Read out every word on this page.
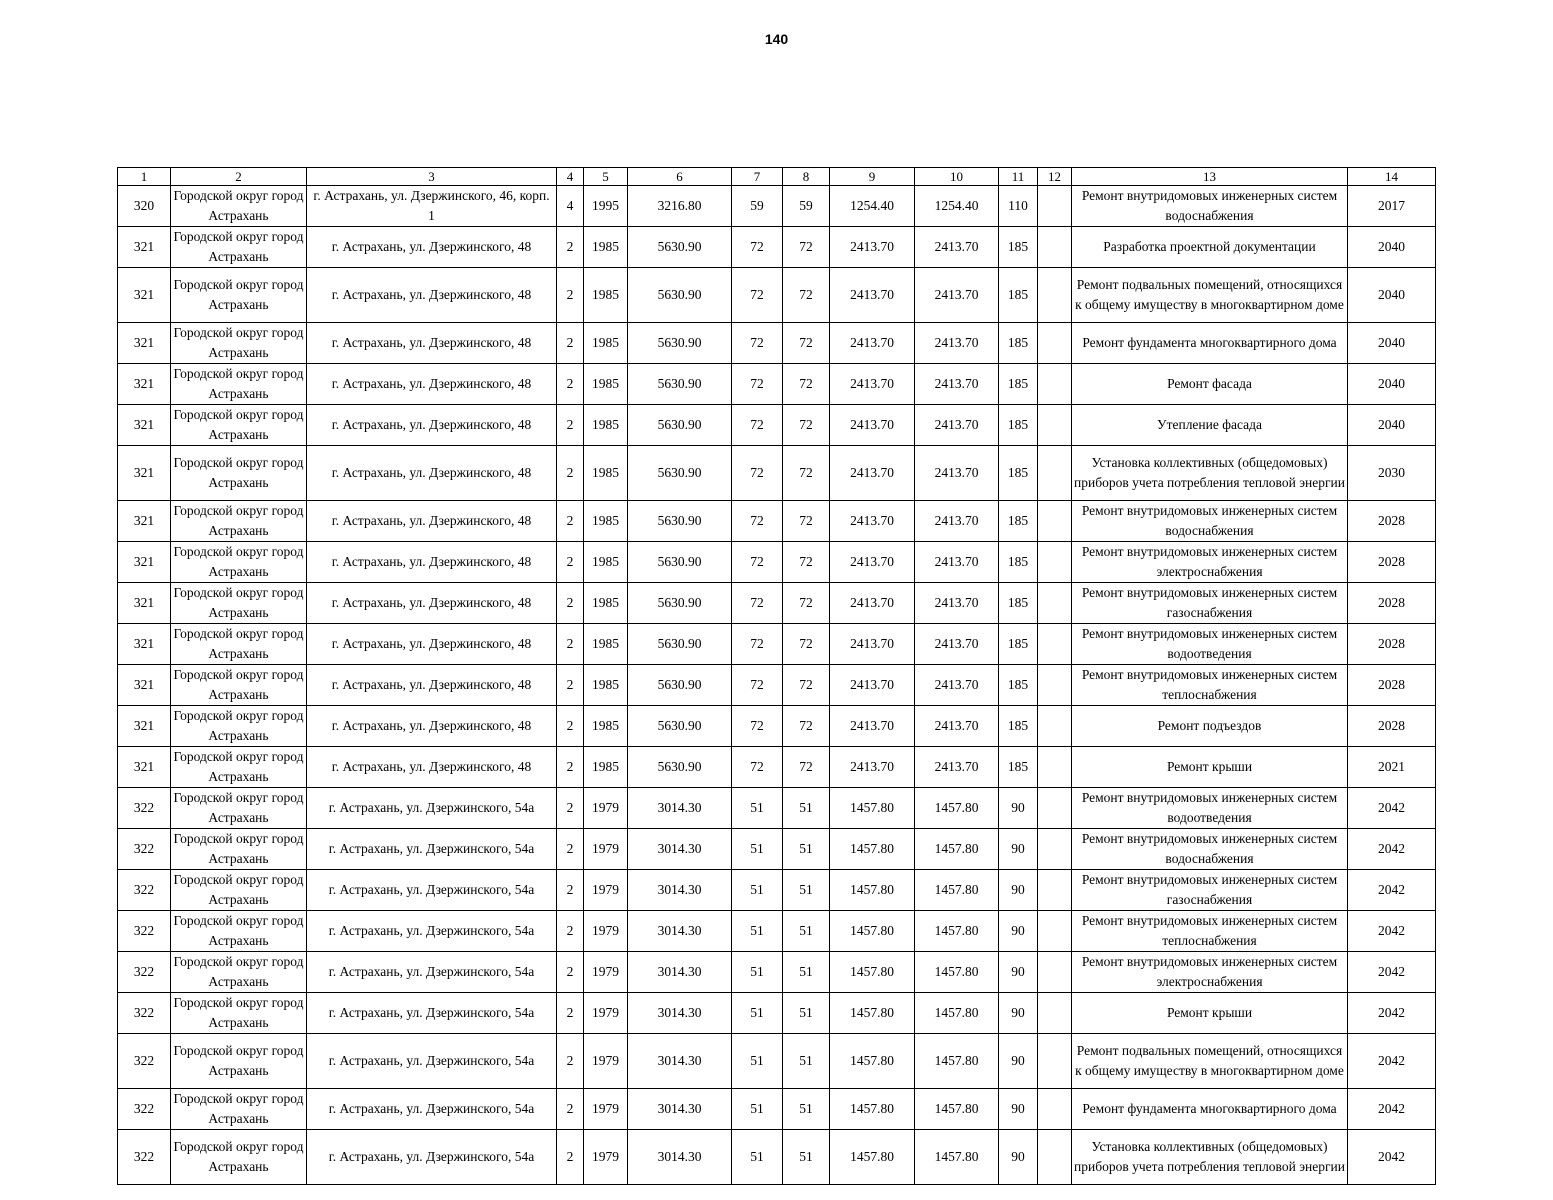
140
1	2	3	4	5	6	7	8	9	10	11	12	13	14
320	Городской округ город Астрахань	г. Астрахань, ул. Дзержинского, 46, корп. 1	4	1995	3216.80	59	59	1254.40	1254.40	110		Ремонт внутридомовых инженерных систем водоснабжения	2017
321	Городской округ город Астрахань	г. Астрахань, ул. Дзержинского, 48	2	1985	5630.90	72	72	2413.70	2413.70	185		Разработка проектной документации	2040
321	Городской округ город Астрахань	г. Астрахань, ул. Дзержинского, 48	2	1985	5630.90	72	72	2413.70	2413.70	185		Ремонт подвальных помещений, относящихся к общему имуществу в многоквартирном доме	2040
321	Городской округ город Астрахань	г. Астрахань, ул. Дзержинского, 48	2	1985	5630.90	72	72	2413.70	2413.70	185		Ремонт фундамента многоквартирного дома	2040
321	Городской округ город Астрахань	г. Астрахань, ул. Дзержинского, 48	2	1985	5630.90	72	72	2413.70	2413.70	185		Ремонт фасада	2040
321	Городской округ город Астрахань	г. Астрахань, ул. Дзержинского, 48	2	1985	5630.90	72	72	2413.70	2413.70	185		Утепление фасада	2040
321	Городской округ город Астрахань	г. Астрахань, ул. Дзержинского, 48	2	1985	5630.90	72	72	2413.70	2413.70	185		Установка коллективных (общедомовых) приборов учета потребления тепловой энергии	2030
321	Городской округ город Астрахань	г. Астрахань, ул. Дзержинского, 48	2	1985	5630.90	72	72	2413.70	2413.70	185		Ремонт внутридомовых инженерных систем водоснабжения	2028
321	Городской округ город Астрахань	г. Астрахань, ул. Дзержинского, 48	2	1985	5630.90	72	72	2413.70	2413.70	185		Ремонт внутридомовых инженерных систем электроснабжения	2028
321	Городской округ город Астрахань	г. Астрахань, ул. Дзержинского, 48	2	1985	5630.90	72	72	2413.70	2413.70	185		Ремонт внутридомовых инженерных систем газоснабжения	2028
321	Городской округ город Астрахань	г. Астрахань, ул. Дзержинского, 48	2	1985	5630.90	72	72	2413.70	2413.70	185		Ремонт внутридомовых инженерных систем водоотведения	2028
321	Городской округ город Астрахань	г. Астрахань, ул. Дзержинского, 48	2	1985	5630.90	72	72	2413.70	2413.70	185		Ремонт внутридомовых инженерных систем теплоснабжения	2028
321	Городской округ город Астрахань	г. Астрахань, ул. Дзержинского, 48	2	1985	5630.90	72	72	2413.70	2413.70	185		Ремонт подъездов	2028
321	Городской округ город Астрахань	г. Астрахань, ул. Дзержинского, 48	2	1985	5630.90	72	72	2413.70	2413.70	185		Ремонт крыши	2021
322	Городской округ город Астрахань	г. Астрахань, ул. Дзержинского, 54а	2	1979	3014.30	51	51	1457.80	1457.80	90		Ремонт внутридомовых инженерных систем водоотведения	2042
322	Городской округ город Астрахань	г. Астрахань, ул. Дзержинского, 54а	2	1979	3014.30	51	51	1457.80	1457.80	90		Ремонт внутридомовых инженерных систем водоснабжения	2042
322	Городской округ город Астрахань	г. Астрахань, ул. Дзержинского, 54а	2	1979	3014.30	51	51	1457.80	1457.80	90		Ремонт внутридомовых инженерных систем газоснабжения	2042
322	Городской округ город Астрахань	г. Астрахань, ул. Дзержинского, 54а	2	1979	3014.30	51	51	1457.80	1457.80	90		Ремонт внутридомовых инженерных систем теплоснабжения	2042
322	Городской округ город Астрахань	г. Астрахань, ул. Дзержинского, 54а	2	1979	3014.30	51	51	1457.80	1457.80	90		Ремонт внутридомовых инженерных систем электроснабжения	2042
322	Городской округ город Астрахань	г. Астрахань, ул. Дзержинского, 54а	2	1979	3014.30	51	51	1457.80	1457.80	90		Ремонт крыши	2042
322	Городской округ город Астрахань	г. Астрахань, ул. Дзержинского, 54а	2	1979	3014.30	51	51	1457.80	1457.80	90		Ремонт подвальных помещений, относящихся к общему имуществу в многоквартирном доме	2042
322	Городской округ город Астрахань	г. Астрахань, ул. Дзержинского, 54а	2	1979	3014.30	51	51	1457.80	1457.80	90		Ремонт фундамента многоквартирного дома	2042
322	Городской округ город Астрахань	г. Астрахань, ул. Дзержинского, 54а	2	1979	3014.30	51	51	1457.80	1457.80	90		Установка коллективных (общедомовых) приборов учета потребления тепловой энергии	2042
